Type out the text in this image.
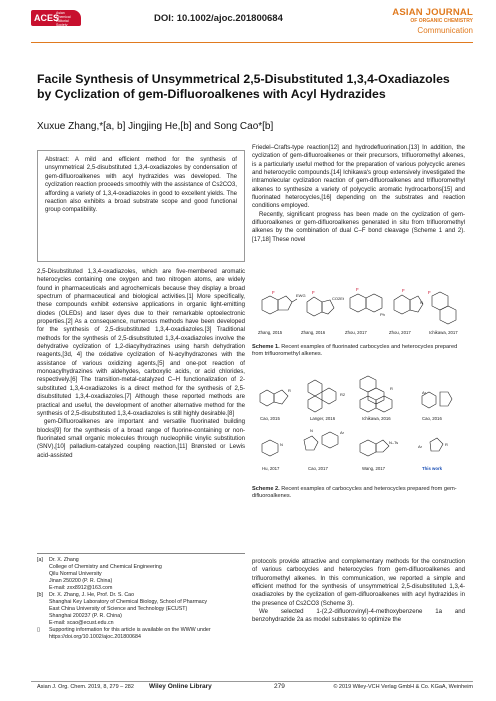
ACES
Asian Chemical Editorial Society
DOI: 10.1002/ajoc.201800684
ASIAN JOURNAL
OF ORGANIC CHEMISTRY
Communication
Facile Synthesis of Unsymmetrical 2,5-Disubstituted 1,3,4-Oxadiazoles by Cyclization of gem-Difluoroalkenes with Acyl Hydrazides
Xuxue Zhang,*[a, b] Jingjing He,[b] and Song Cao*[b]
Abstract: A mild and efficient method for the synthesis of unsymmetrical 2,5-disubstituted 1,3,4-oxadiazoles by condensation of gem-difluoroalkenes with acyl hydrazides was developed. The cyclization reaction proceeds smoothly with the assistance of Cs2CO3, affording a variety of 1,3,4-oxadiazoles in good to excellent yields. The reaction also exhibits a broad substrate scope and good functional group compatibility.

2,5-Disubstituted 1,3,4-oxadiazoles, which are five-membered aromatic heterocycles containing one oxygen and two nitrogen atoms, are widely found in pharmaceuticals and agrochemicals because they display a broad spectrum of pharmaceutical and biological activities.[1] More specifically, these compounds exhibit extensive applications in organic light-emitting diodes (OLEDs) and laser dyes due to their remarkable optoelectronic properties.[2] As a consequence, numerous methods have been developed for the synthesis of 2,5-disubstituted 1,3,4-oxadiazoles.[3] Traditional methods for the synthesis of 2,5-disubstituted 1,3,4-oxadiazoles involve the dehydrative cyclization of 1,2-diacylhydrazines using harsh dehydration reagents,[3d, 4] the oxidative cyclization of N-acylhydrazones with the assistance of various oxidizing agents,[5] and one-pot reaction of monoacylhydrazines with aldehydes, carboxylic acids, or acid chlorides, respectively.[6] The transition-metal-catalyzed C–H functionalization of 2-substituted 1,3,4-oxadiazoles is a direct method for the synthesis of 2,5-disubstituted 1,3,4-oxadiazoles.[7] Although these reported methods are practical and useful, the development of another alternative method for the synthesis of 2,5-disubstituted 1,3,4-oxadiazoles is still highly desirable.[8]

gem-Difluoroalkenes are important and versatile fluorinated building blocks[9] for the synthesis of a broad range of fluorine-containing or non-fluorinated small organic molecules through nucleophilic vinylic substitution (SNV),[10] palladium-catalyzed coupling reaction,[11] Brønsted or Lewis acid-assisted

Friedel–Crafts-type reaction[12] and hydrodefluorination.[13] In addition, the cyclization of gem-difluoroalkenes or their precursors, trifluoromethyl alkenes, is a particularly useful method for the preparation of various polycyclic arenes and heterocyclic compounds.[14] Ichikawa's group extensively investigated the intramolecular cyclization reaction of gem-difluoroalkenes and trifluoromethyl alkenes to synthesize a variety of polycyclic aromatic hydrocarbons[15] and fluorinated heterocycles,[16] depending on the substrates and reaction conditions employed.

Recently, significant progress has been made on the cyclization of gem-difluoroalkenes or gem-difluoroalkenes generated in situ from trifluoromethyl alkenes by the combination of dual C–F bond cleavage (Scheme 1 and 2).[17,18] These novel

F	F
F	F	F
EWG
CO2Et
Ph
N
Zhang, 2015	Zhang, 2016	Zhou, 2017	Zhou, 2017	Ichikawa, 2017
Scheme 1. Recent examples of fluorinated carbocycles and heterocycles prepared from trifluoromethyl alkenes.
R
R2
R
Ar
N
N	Ar
N–Ts
Ar	R
Cao, 2015	Langer, 2016	Ichikawa, 2016	Cao, 2016
Hu, 2017	Cao, 2017	Wang, 2017	This work
Scheme 2. Recent examples of carbocycles and heterocycles prepared from gem-difluoroalkenes.

protocols provide attractive and complementary methods for the construction of various carbocycles and heterocycles from gem-difluoroalkenes and trifluoromethyl alkenes. In this communication, we reported a simple and efficient method for the synthesis of unsymmetrical 2,5-disubstituted 1,3,4-oxadiazoles by the cyclization of gem-difluoroalkenes with acyl hydrazides in the presence of Cs2CO3 (Scheme 3).

We selected 1-(2,2-difluorovinyl)-4-methoxybenzene 1a and benzohydrazide 2a as model substrates to optimize the

[a]	Dr. X. Zhang
College of Chemistry and Chemical Engineering
Qilu Normal University
Jinan 250200 (P. R. China)
E-mail: zxx8912@163.com
[b]	Dr. X. Zhang, J. He, Prof. Dr. S. Cao
Shanghai Key Laboratory of Chemical Biology, School of Pharmacy
East China University of Science and Technology (ECUST)
Shanghai 200237 (P. R. China)
E-mail: scao@ecust.edu.cn
▯	Supporting information for this article is available on the WWW under https://doi.org/10.1002/ajoc.201800684
Asian J. Org. Chem. 2019, 8, 279 – 282 Wiley Online Library	279	© 2019 Wiley-VCH Verlag GmbH & Co. KGaA, Weinheim
